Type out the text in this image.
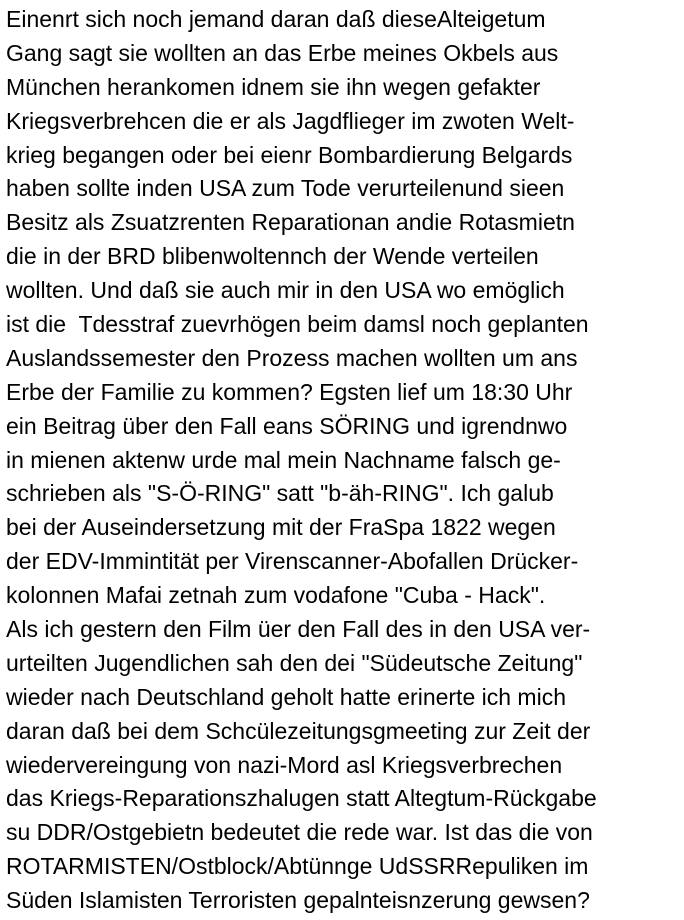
Einenrt sich noch jemand daran daß dieseAlteigetum
Gang sagt sie wollten an das Erbe meines Okbels aus
München herankomen idnem sie ihn wegen gefakter
Kriegsverbrehcen die er als Jagdflieger im zwoten Welt-
krieg begangen oder bei eienr Bombardierung Belgards
haben sollte inden USA zum Tode verurteilenund sieen
Besitz als Zsuatzrenten Reparationan andie Rotasmietn
die in der BRD blibenwoltennch der Wende verteilen
wollten. Und daß sie auch mir in den USA wo emöglich
ist die  Tdesstraf zuevrhögen beim damsl noch geplanten
Auslandssemester den Prozess machen wollten um ans
Erbe der Familie zu kommen? Egsten lief um 18:30 Uhr
ein Beitrag über den Fall eans SÖRING und igrendnwo
in mienen aktenw urde mal mein Nachname falsch ge-
schrieben als "S-Ö-RING" satt "b-äh-RING". Ich galub
bei der Auseindersetzung mit der FraSpa 1822 wegen
der EDV-Immintität per Virenscanner-Abofallen Drücker-
kolonnen Mafai zetnah zum vodafone "Cuba - Hack".
Als ich gestern den Film üer den Fall des in den USA ver-
urteilten Jugendlichen sah den dei "Südeutsche Zeitung"
wieder nach Deutschland geholt hatte erinerte ich mich
daran daß bei dem Schcülezeitungsgmeeting zur Zeit der
wiedervereingung von nazi-Mord asl Kriegsverbrechen
das Kriegs-Reparationszhalugen statt Altegtum-Rückgabe
su DDR/Ostgebietn bedeutet die rede war. Ist das die von
ROTARMISTEN/Ostblock/Abtünnge UdSSRRepuliken im
Süden Islamisten Terroristen gepalnteisnzerung gewsen?
